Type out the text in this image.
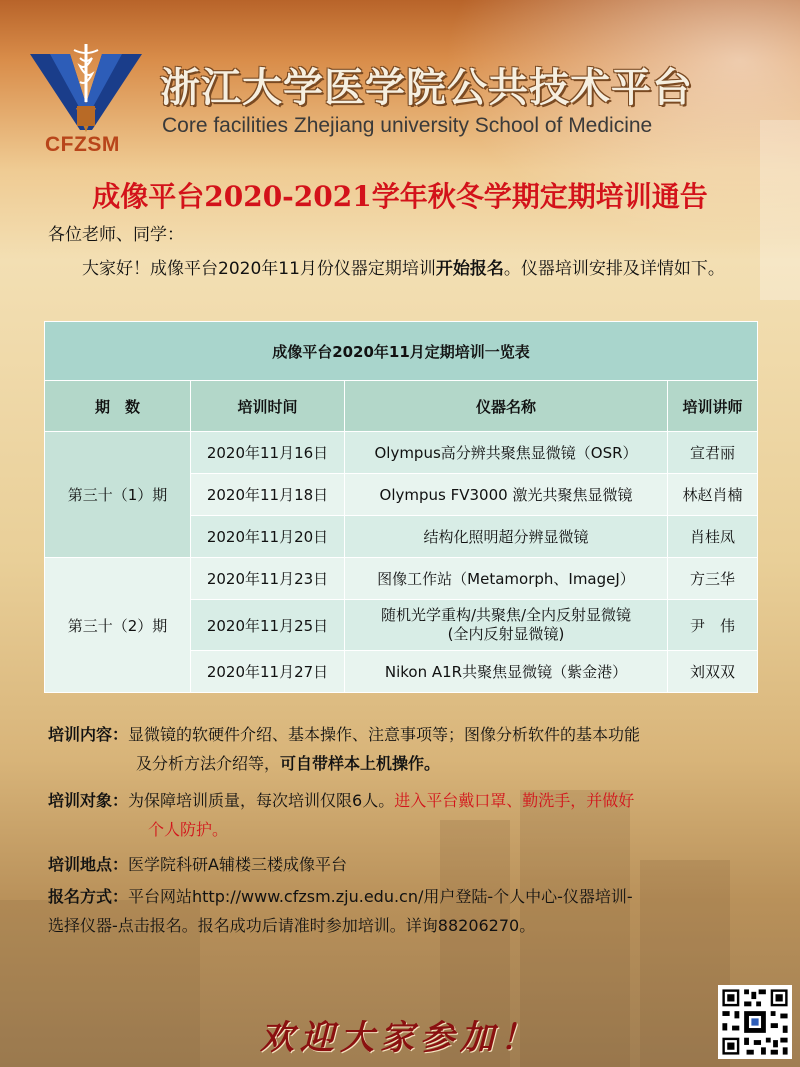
CFZSM
浙江大学医学院公共技术平台
Core facilities Zhejiang university School of Medicine
成像平台2020-2021学年秋冬学期定期培训通告
各位老师、同学：
大家好！成像平台2020年11月份仪器定期培训开始报名。仪器培训安排及详情如下。
成像平台2020年11月定期培训一览表			
期　数	培训时间	仪器名称	培训讲师
第三十（1）期	2020年11月16日	Olympus高分辨共聚焦显微镜（OSR）	宣君丽
	2020年11月18日	Olympus FV3000 激光共聚焦显微镜	林赵肖楠
	2020年11月20日	结构化照明超分辨显微镜	肖桂凤
第三十（2）期	2020年11月23日	图像工作站（Metamorph、ImageJ）	方三华
	2020年11月25日	随机光学重构/共聚焦/全内反射显微镜
(全内反射显微镜)	尹　伟
	2020年11月27日	Nikon A1R共聚焦显微镜（紫金港）	刘双双
培训内容：显微镜的软硬件介绍、基本操作、注意事项等；图像分析软件的基本功能
及分析方法介绍等，可自带样本上机操作。
培训对象：为保障培训质量，每次培训仅限6人。进入平台戴口罩、勤洗手，并做好
个人防护。
培训地点：医学院科研A辅楼三楼成像平台
报名方式：平台网站http://www.cfzsm.zju.edu.cn/用户登陆-个人中心-仪器培训-
选择仪器-点击报名。报名成功后请准时参加培训。详询88206270。
欢迎大家参加！
